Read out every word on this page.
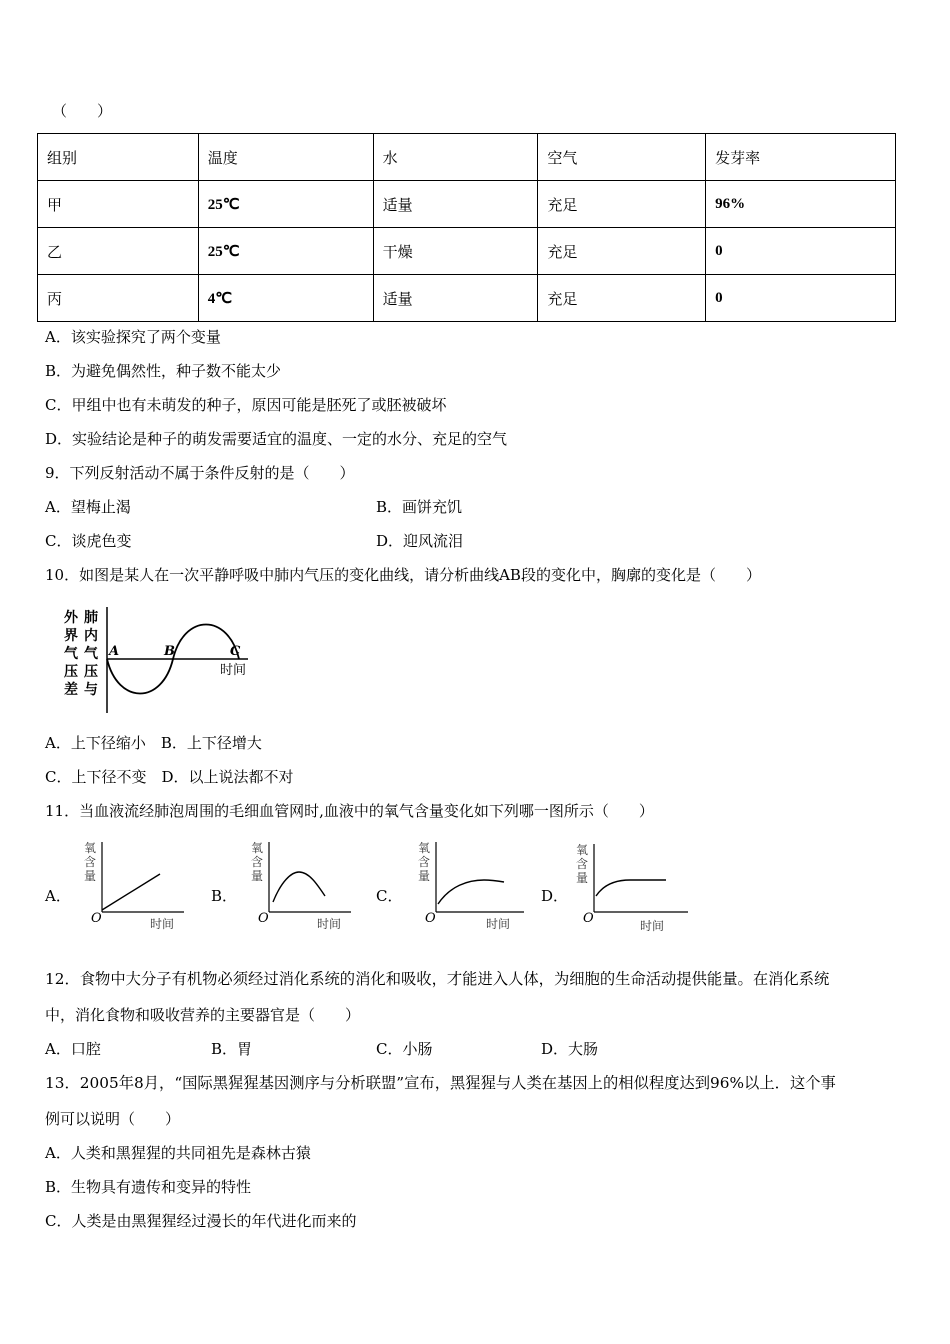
（　　）
组别	温度	水	空气	发芽率
甲	25℃	适量	充足	96%
乙	25℃	干燥	充足	0
丙	4℃	适量	充足	0
A．该实验探究了两个变量
B．为避免偶然性，种子数不能太少
C．甲组中也有未萌发的种子，原因可能是胚死了或胚被破坏
D．实验结论是种子的萌发需要适宜的温度、一定的水分、充足的空气
9．下列反射活动不属于条件反射的是（　　）
A．望梅止渴	B．画饼充饥
C．谈虎色变	D．迎风流泪
10．如图是某人在一次平静呼吸中肺内气压的变化曲线，请分析曲线AB段的变化中，胸廓的变化是（　　）
外
界
气
压
差
肺
内
气
压
与
A	B	C
时间
A．上下径缩小　B．上下径增大
C．上下径不变　D．以上说法都不对
11．当血液流经肺泡周围的毛细血管网时,血液中的氧气含量变化如下列哪一图所示（　　）
A．
氧
含
量
O	时间
B．
氧
含
量
O	时间
C．
氧
含
量
O	时间
D．
氧
含
量
O	时间
12．食物中大分子有机物必须经过消化系统的消化和吸收，才能进入人体，为细胞的生命活动提供能量。在消化系统
中，消化食物和吸收营养的主要器官是（　　）
A．口腔	B．胃	C．小肠	D．大肠
13．2005年8月，“国际黑猩猩基因测序与分析联盟”宣布，黑猩猩与人类在基因上的相似程度达到96%以上．这个事
例可以说明（　　）
A．人类和黑猩猩的共同祖先是森林古猿
B．生物具有遗传和变异的特性
C．人类是由黑猩猩经过漫长的年代进化而来的
